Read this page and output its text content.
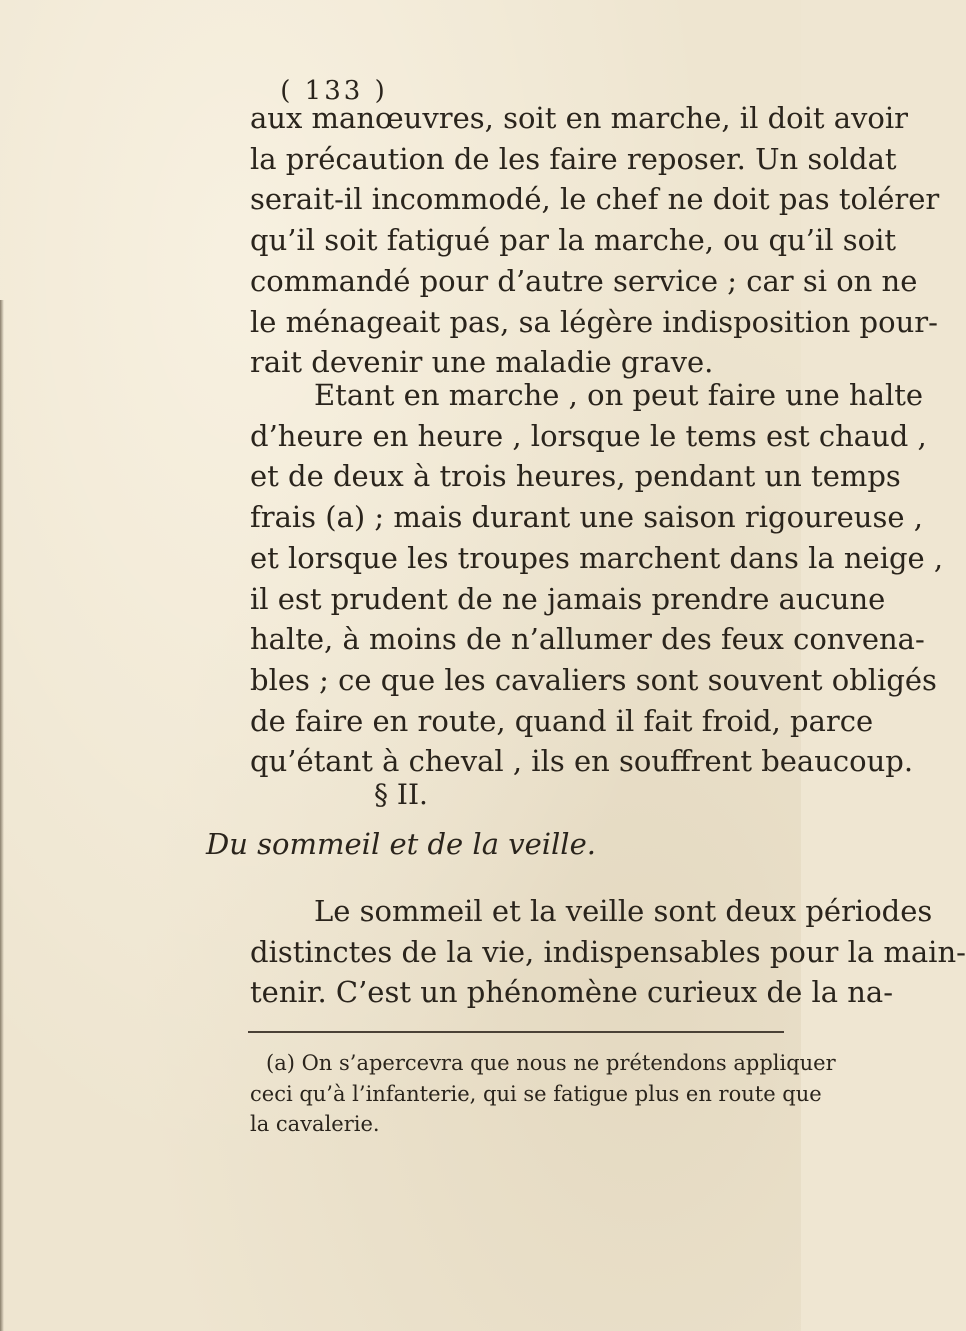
( 133 )
aux manœuvres, soit en marche, il doit avoir
la précaution de les faire reposer. Un soldat
serait-il incommodé, le chef ne doit pas tolérer
qu’il soit fatigué par la marche, ou qu’il soit
commandé pour d’autre service ; car si on ne
le ménageait pas, sa légère indisposition pour-
rait devenir une maladie grave.
Etant en marche , on peut faire une halte
d’heure en heure , lorsque le tems est chaud ,
et de deux à trois heures, pendant un temps
frais (a) ; mais durant une saison rigoureuse ,
et lorsque les troupes marchent dans la neige ,
il est prudent de ne jamais prendre aucune
halte, à moins de n’allumer des feux convena-
bles ; ce que les cavaliers sont souvent obligés
de faire en route, quand il fait froid, parce
qu’étant à cheval , ils en souffrent beaucoup.
§ II.
Du sommeil et de la veille.
Le sommeil et la veille sont deux périodes
distinctes de la vie, indispensables pour la main-
tenir. C’est un phénomène curieux de la na-
(a) On s’apercevra que nous ne prétendons appliquer
ceci qu’à l’infanterie, qui se fatigue plus en route que
la cavalerie.
